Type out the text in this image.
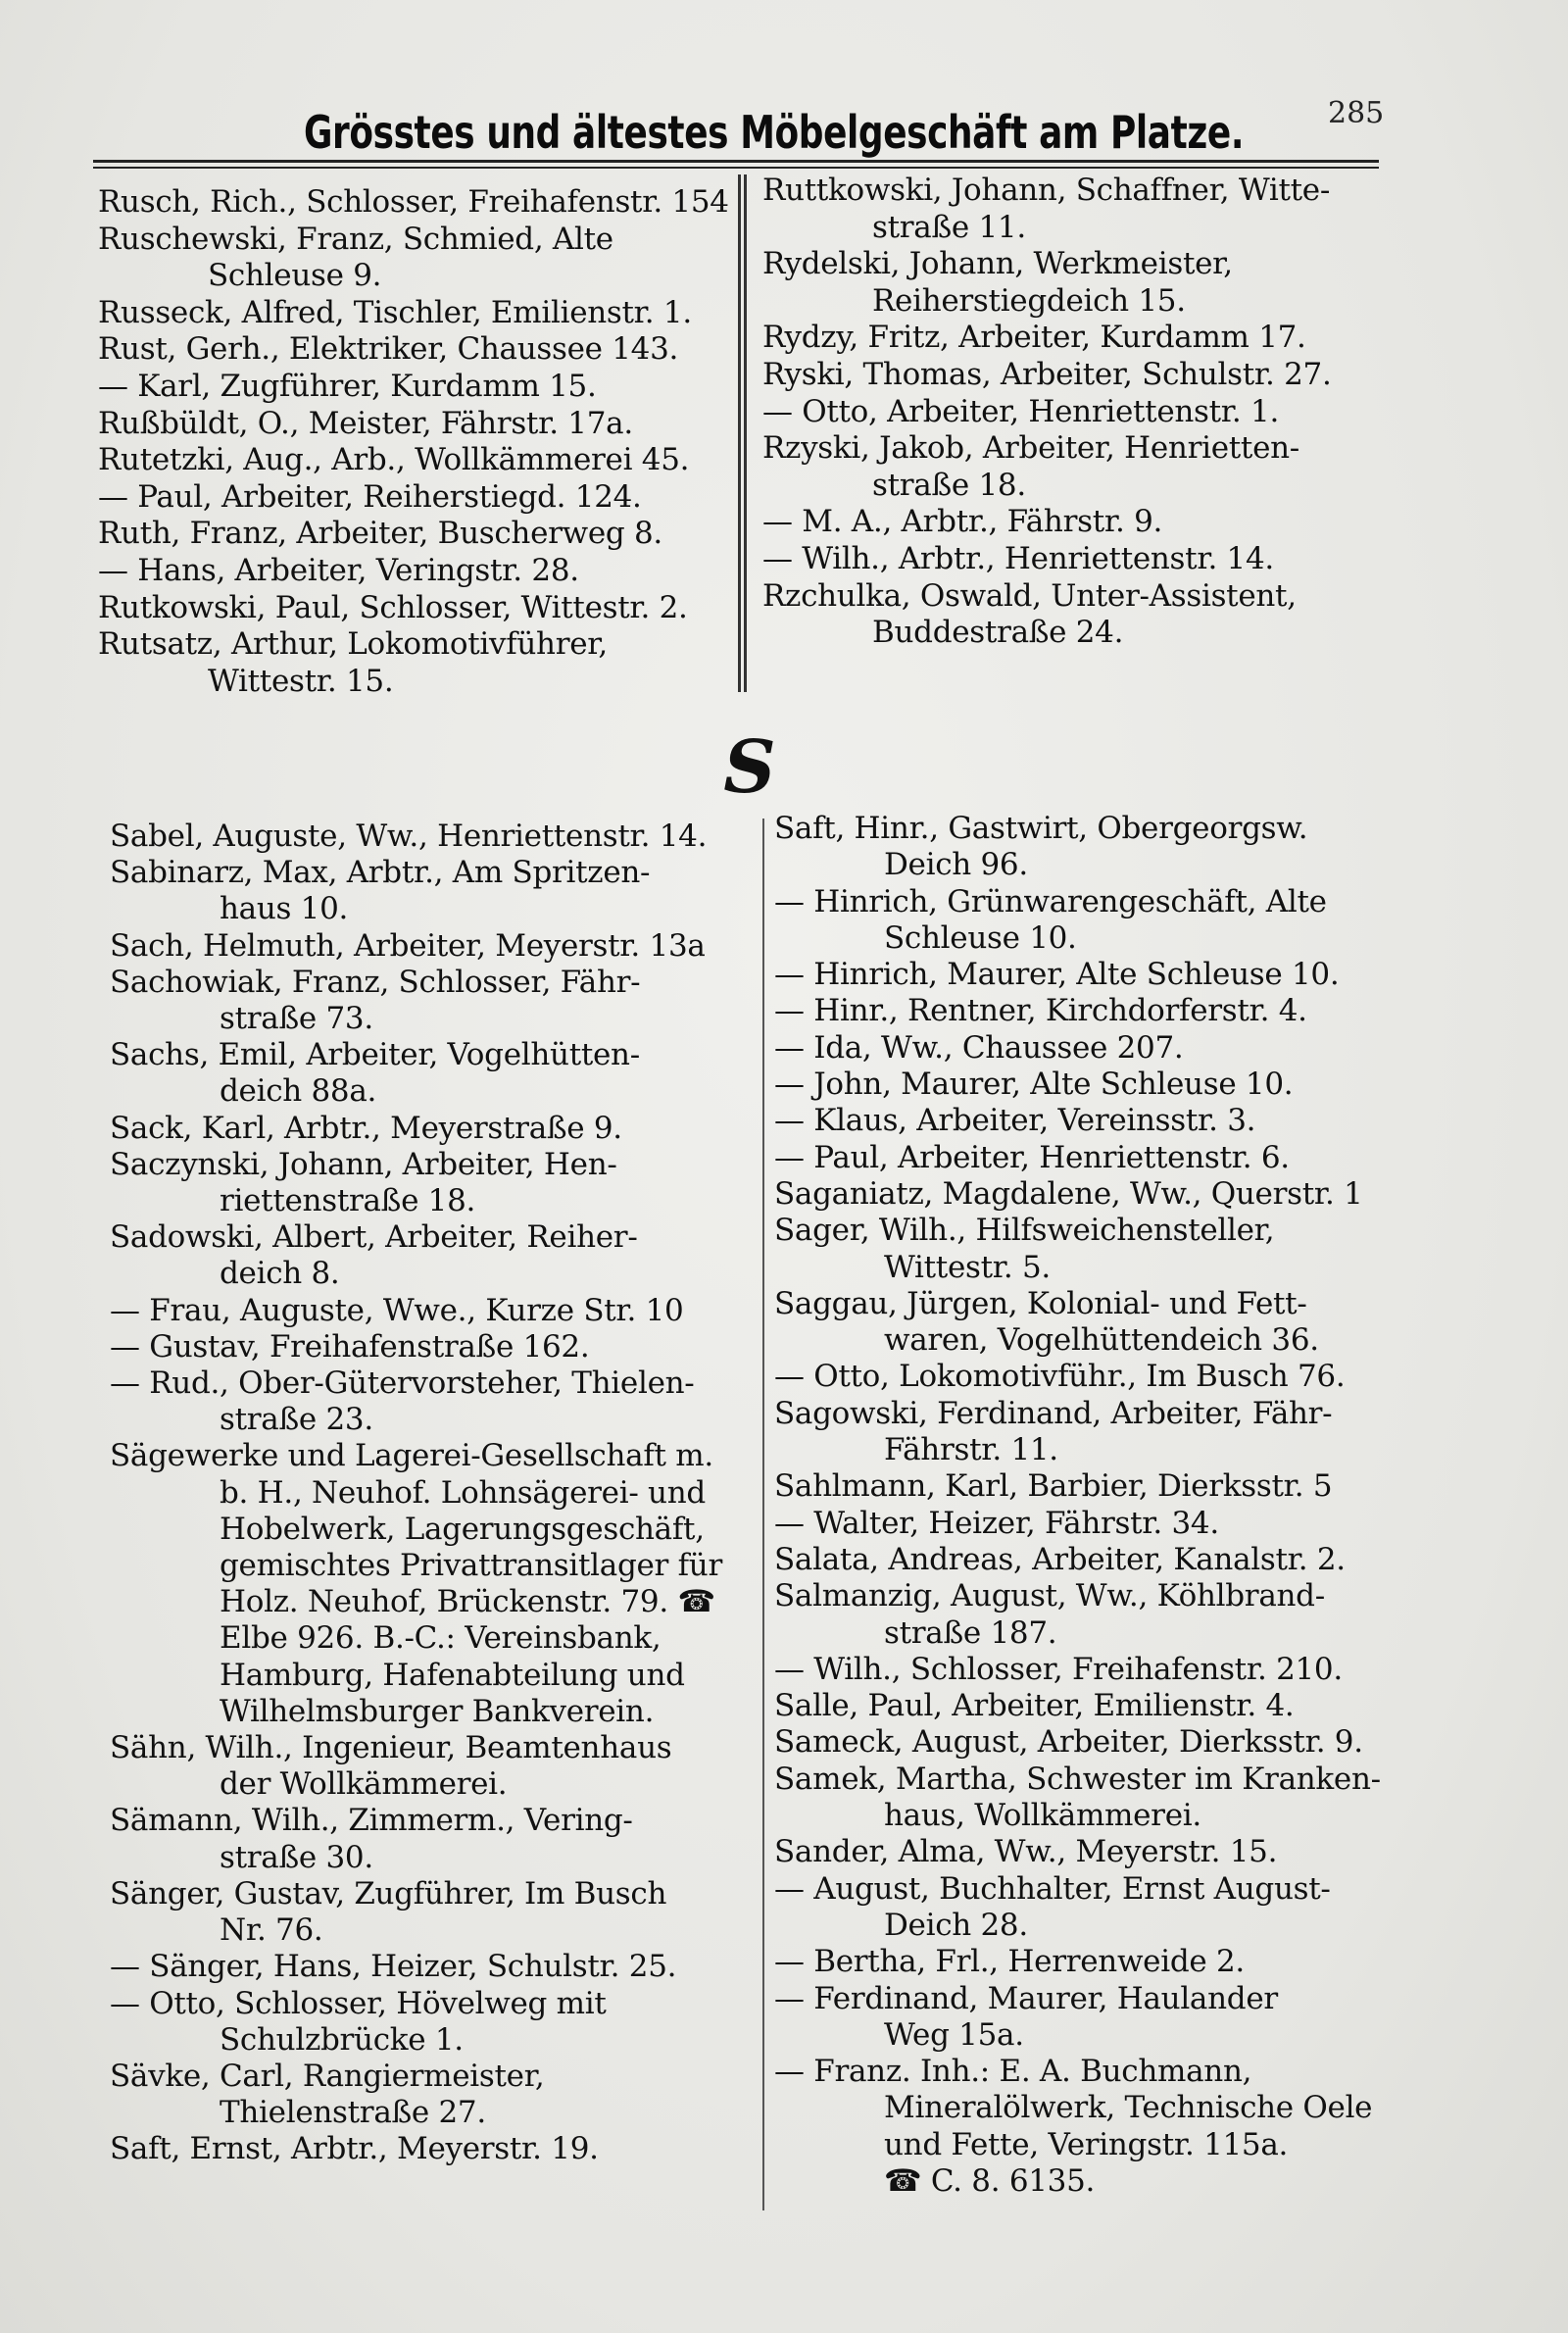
Grösstes und ältestes Möbelgeschäft am Platze.	285
Rusch, Rich., Schlosser, Freihafenstr. 154
Ruschewski, Franz, Schmied, Alte
Schleuse 9.
Russeck, Alfred, Tischler, Emilienstr. 1.
Rust, Gerh., Elektriker, Chaussee 143.
— Karl, Zugführer, Kurdamm 15.
Rußbüldt, O., Meister, Fährstr. 17a.
Rutetzki, Aug., Arb., Wollkämmerei 45.
— Paul, Arbeiter, Reiherstiegd. 124.
Ruth, Franz, Arbeiter, Buscherweg 8.
— Hans, Arbeiter, Veringstr. 28.
Rutkowski, Paul, Schlosser, Wittestr. 2.
Rutsatz, Arthur, Lokomotivführer,
Wittestr. 15.
Ruttkowski, Johann, Schaffner, Witte-
straße 11.
Rydelski, Johann, Werkmeister,
Reiherstiegdeich 15.
Rydzy, Fritz, Arbeiter, Kurdamm 17.
Ryski, Thomas, Arbeiter, Schulstr. 27.
— Otto, Arbeiter, Henriettenstr. 1.
Rzyski, Jakob, Arbeiter, Henrietten-
straße 18.
— M. A., Arbtr., Fährstr. 9.
— Wilh., Arbtr., Henriettenstr. 14.
Rzchulka, Oswald, Unter-Assistent,
Buddestraße 24.
S
Sabel, Auguste, Ww., Henriettenstr. 14.
Sabinarz, Max, Arbtr., Am Spritzen-
haus 10.
Sach, Helmuth, Arbeiter, Meyerstr. 13a
Sachowiak, Franz, Schlosser, Fähr-
straße 73.
Sachs, Emil, Arbeiter, Vogelhütten-
deich 88a.
Sack, Karl, Arbtr., Meyerstraße 9.
Saczynski, Johann, Arbeiter, Hen-
riettenstraße 18.
Sadowski, Albert, Arbeiter, Reiher-
deich 8.
— Frau, Auguste, Wwe., Kurze Str. 10
— Gustav, Freihafenstraße 162.
— Rud., Ober-Gütervorsteher, Thielen-
straße 23.
Sägewerke und Lagerei-Gesellschaft m.
b. H., Neuhof. Lohnsägerei- und
Hobelwerk, Lagerungsgeschäft,
gemischtes Privattransitlager für
Holz. Neuhof, Brückenstr. 79. ☎
Elbe 926. B.-C.: Vereinsbank,
Hamburg, Hafenabteilung und
Wilhelmsburger Bankverein.
Sähn, Wilh., Ingenieur, Beamtenhaus
der Wollkämmerei.
Sämann, Wilh., Zimmerm., Vering-
straße 30.
Sänger, Gustav, Zugführer, Im Busch
Nr. 76.
— Sänger, Hans, Heizer, Schulstr. 25.
— Otto, Schlosser, Hövelweg mit
Schulzbrücke 1.
Sävke, Carl, Rangiermeister,
Thielenstraße 27.
Saft, Ernst, Arbtr., Meyerstr. 19.
Saft, Hinr., Gastwirt, Obergeorgsw.
Deich 96.
— Hinrich, Grünwarengeschäft, Alte
Schleuse 10.
— Hinrich, Maurer, Alte Schleuse 10.
— Hinr., Rentner, Kirchdorferstr. 4.
— Ida, Ww., Chaussee 207.
— John, Maurer, Alte Schleuse 10.
— Klaus, Arbeiter, Vereinsstr. 3.
— Paul, Arbeiter, Henriettenstr. 6.
Saganiatz, Magdalene, Ww., Querstr. 1
Sager, Wilh., Hilfsweichensteller,
Wittestr. 5.
Saggau, Jürgen, Kolonial- und Fett-
waren, Vogelhüttendeich 36.
— Otto, Lokomotivführ., Im Busch 76.
Sagowski, Ferdinand, Arbeiter, Fähr-
Fährstr. 11.
Sahlmann, Karl, Barbier, Dierksstr. 5
— Walter, Heizer, Fährstr. 34.
Salata, Andreas, Arbeiter, Kanalstr. 2.
Salmanzig, August, Ww., Köhlbrand-
straße 187.
— Wilh., Schlosser, Freihafenstr. 210.
Salle, Paul, Arbeiter, Emilienstr. 4.
Sameck, August, Arbeiter, Dierksstr. 9.
Samek, Martha, Schwester im Kranken-
haus, Wollkämmerei.
Sander, Alma, Ww., Meyerstr. 15.
— August, Buchhalter, Ernst August-
Deich 28.
— Bertha, Frl., Herrenweide 2.
— Ferdinand, Maurer, Haulander
Weg 15a.
— Franz. Inh.: E. A. Buchmann,
Mineralölwerk, Technische Oele
und Fette, Veringstr. 115a.
☎ C. 8. 6135.
